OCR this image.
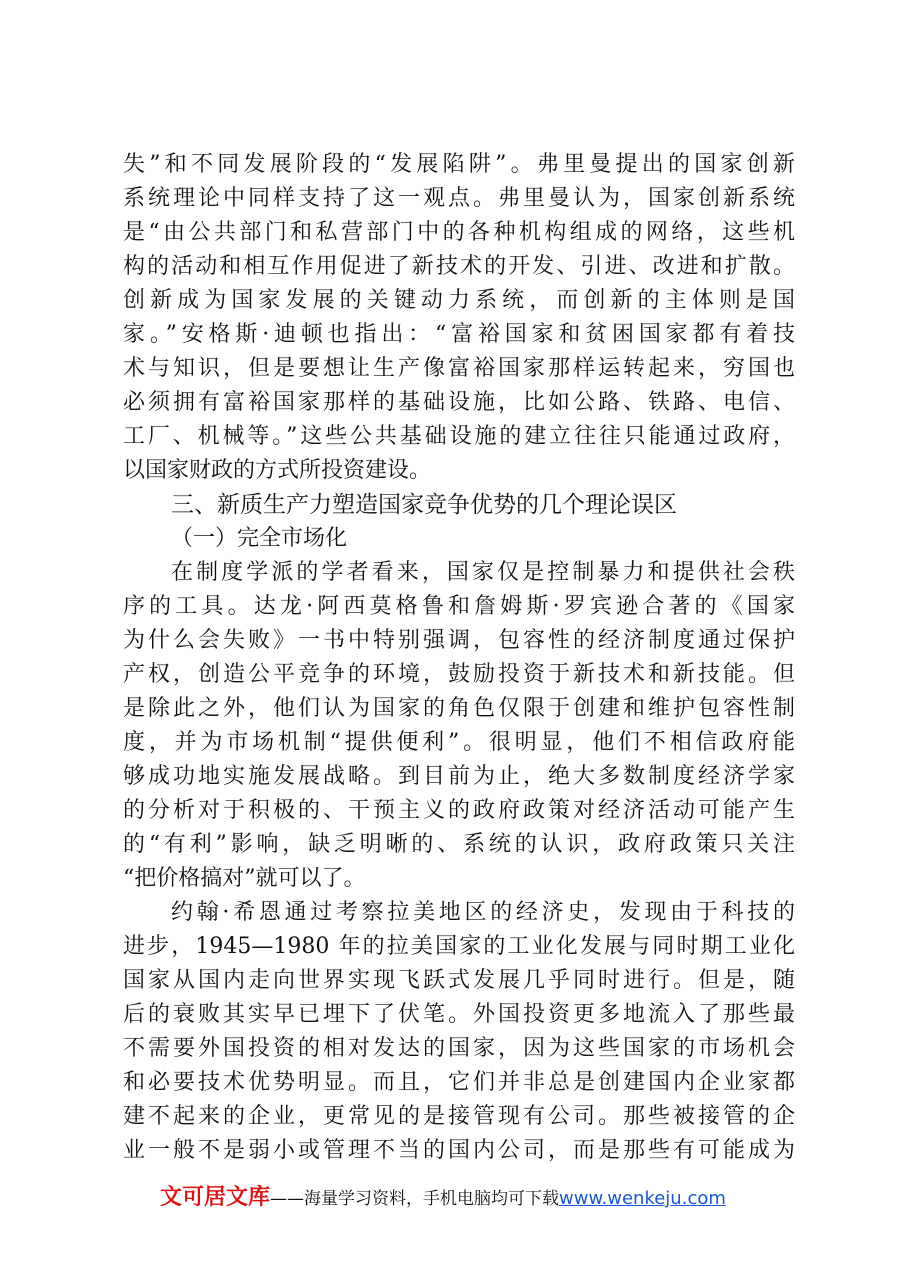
失”和不同发展阶段的“发展陷阱”。弗里曼提出的国家创新
系统理论中同样支持了这一观点。弗里曼认为，国家创新系统
是“由公共部门和私营部门中的各种机构组成的网络，这些机
构的活动和相互作用促进了新技术的开发、引进、改进和扩散。
创新成为国家发展的关键动力系统，而创新的主体则是国
家。”安格斯·迪顿也指出：“富裕国家和贫困国家都有着技
术与知识，但是要想让生产像富裕国家那样运转起来，穷国也
必须拥有富裕国家那样的基础设施，比如公路、铁路、电信、
工厂、机械等。”这些公共基础设施的建立往往只能通过政府，
以国家财政的方式所投资建设。
三、新质生产力塑造国家竞争优势的几个理论误区
（一）完全市场化
在制度学派的学者看来，国家仅是控制暴力和提供社会秩
序的工具。达龙·阿西莫格鲁和詹姆斯·罗宾逊合著的《国家
为什么会失败》一书中特别强调，包容性的经济制度通过保护
产权，创造公平竞争的环境，鼓励投资于新技术和新技能。但
是除此之外，他们认为国家的角色仅限于创建和维护包容性制
度，并为市场机制“提供便利”。很明显，他们不相信政府能
够成功地实施发展战略。到目前为止，绝大多数制度经济学家
的分析对于积极的、干预主义的政府政策对经济活动可能产生
的“有利”影响，缺乏明晰的、系统的认识，政府政策只关注
“把价格搞对”就可以了。
约翰·希恩通过考察拉美地区的经济史，发现由于科技的
进步，1945—1980 年的拉美国家的工业化发展与同时期工业化
国家从国内走向世界实现飞跃式发展几乎同时进行。但是，随
后的衰败其实早已埋下了伏笔。外国投资更多地流入了那些最
不需要外国投资的相对发达的国家，因为这些国家的市场机会
和必要技术优势明显。而且，它们并非总是创建国内企业家都
建不起来的企业，更常见的是接管现有公司。那些被接管的企
业一般不是弱小或管理不当的国内公司，而是那些有可能成为
文可居文库——海量学习资料，手机电脑均可下载www.wenkeju.com
